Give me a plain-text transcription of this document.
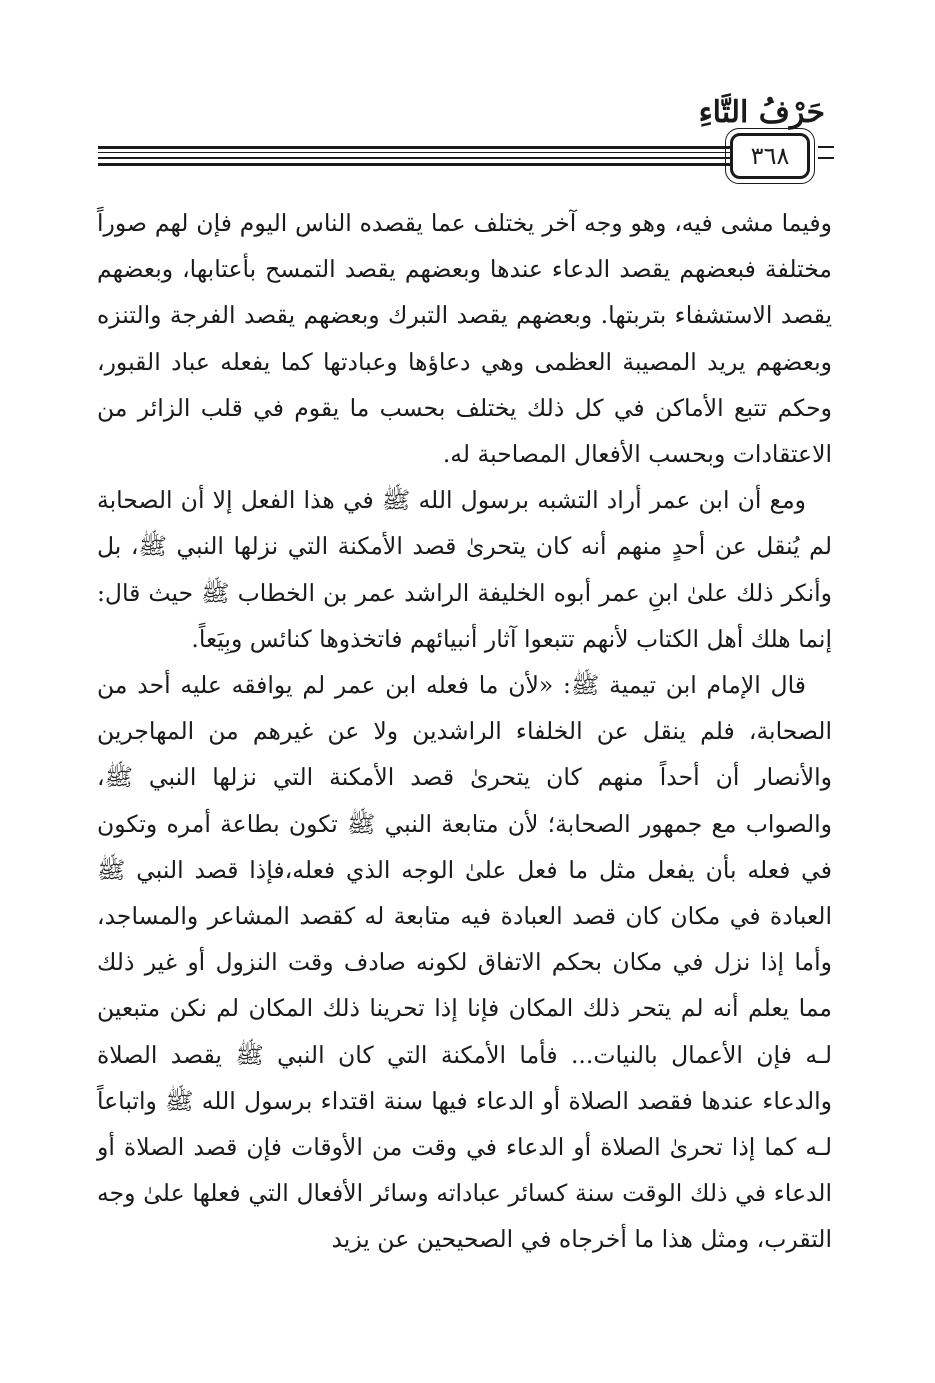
حَرْفُ التَّاءِ
٣٦٨

وفيما مشى فيه، وهو وجه آخر يختلف عما يقصده الناس اليوم فإن لهم صوراً مختلفة فبعضهم يقصد الدعاء عندها وبعضهم يقصد التمسح بأعتابها، وبعضهم يقصد الاستشفاء بتربتها. وبعضهم يقصد التبرك وبعضهم يقصد الفرجة والتنزه وبعضهم يريد المصيبة العظمى وهي دعاؤها وعبادتها كما يفعله عباد القبور، وحكم تتبع الأماكن في كل ذلك يختلف بحسب ما يقوم في قلب الزائر من الاعتقادات وبحسب الأفعال المصاحبة له.

ومع أن ابن عمر أراد التشبه برسول الله ﷺ في هذا الفعل إلا أن الصحابة لم يُنقل عن أحدٍ منهم أنه كان يتحرىٰ قصد الأمكنة التي نزلها النبي ﷺ، بل وأنكر ذلك علىٰ ابنِ عمر أبوه الخليفة الراشد عمر بن الخطاب ﷺ حيث قال: إنما هلك أهل الكتاب لأنهم تتبعوا آثار أنبيائهم فاتخذوها كنائس وبِيَعاً.

قال الإمام ابن تيمية ﷺ: «لأن ما فعله ابن عمر لم يوافقه عليه أحد من الصحابة، فلم ينقل عن الخلفاء الراشدين ولا عن غيرهم من المهاجرين والأنصار أن أحداً منهم كان يتحرىٰ قصد الأمكنة التي نزلها النبي ﷺ، والصواب مع جمهور الصحابة؛ لأن متابعة النبي ﷺ تكون بطاعة أمره وتكون في فعله بأن يفعل مثل ما فعل علىٰ الوجه الذي فعله،فإذا قصد النبي ﷺ العبادة في مكان كان قصد العبادة فيه متابعة له كقصد المشاعر والمساجد، وأما إذا نزل في مكان بحكم الاتفاق لكونه صادف وقت النزول أو غير ذلك مما يعلم أنه لم يتحر ذلك المكان فإنا إذا تحرينا ذلك المكان لم نكن متبعين لـه فإن الأعمال بالنيات... فأما الأمكنة التي كان النبي ﷺ يقصد الصلاة والدعاء عندها فقصد الصلاة أو الدعاء فيها سنة اقتداء برسول الله ﷺ واتباعاً لـه كما إذا تحرىٰ الصلاة أو الدعاء في وقت من الأوقات فإن قصد الصلاة أو الدعاء في ذلك الوقت سنة كسائر عباداته وسائر الأفعال التي فعلها علىٰ وجه التقرب، ومثل هذا ما أخرجاه في الصحيحين عن يزيد
